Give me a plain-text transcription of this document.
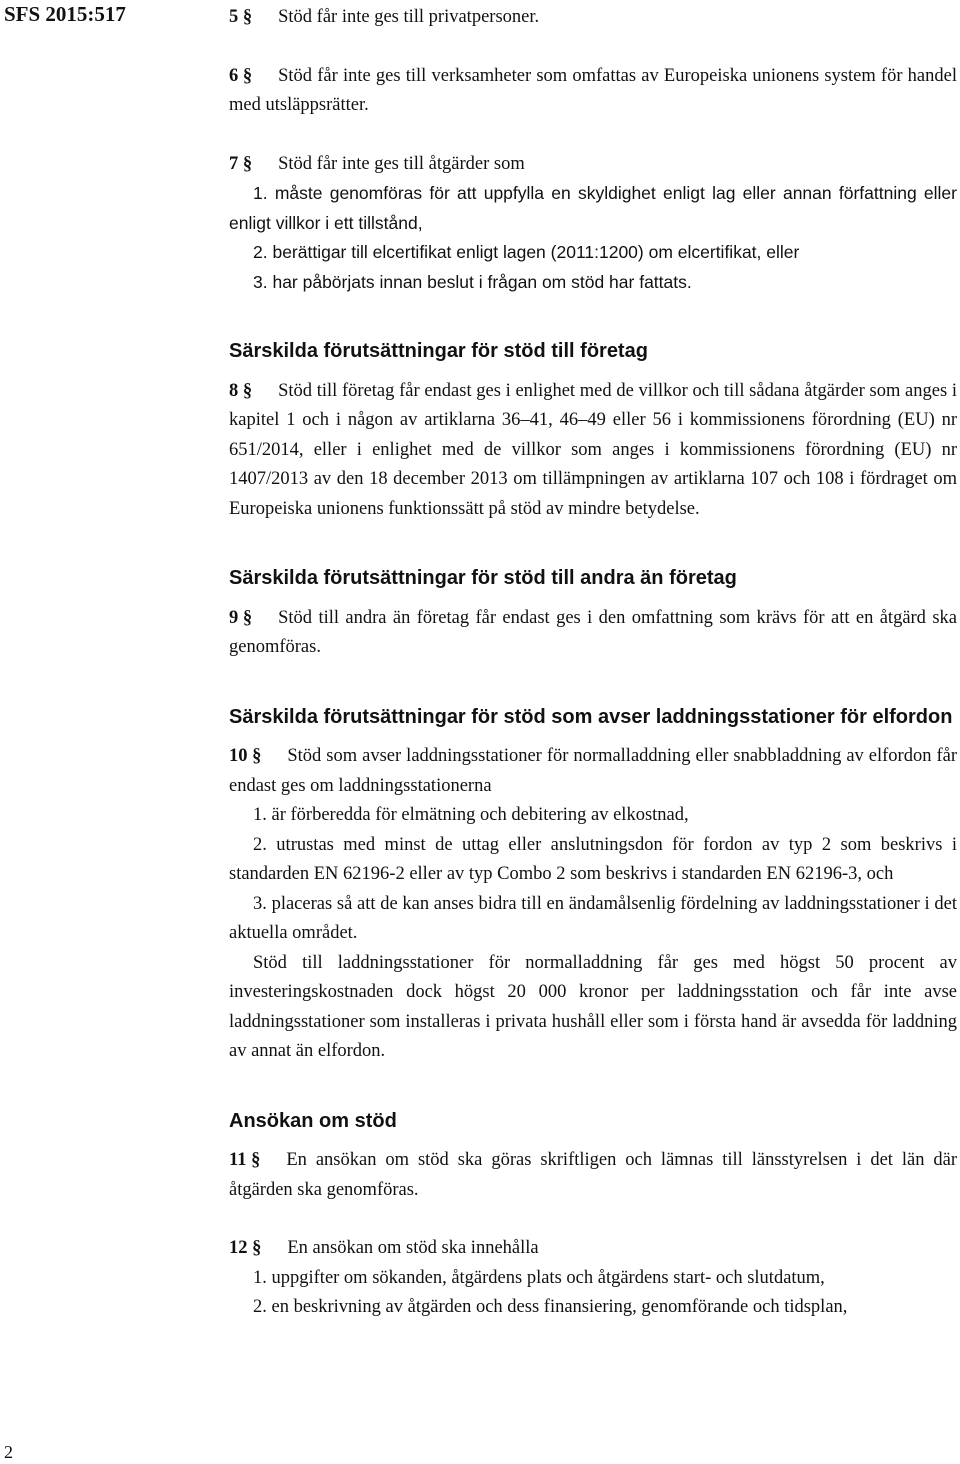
SFS 2015:517	5 § Stöd får inte ges till privatpersoner.

6 § Stöd får inte ges till verksamheter som omfattas av Europeiska unionens system för handel med utsläppsrätter.

7 § Stöd får inte ges till åtgärder som

1. måste genomföras för att uppfylla en skyldighet enligt lag eller annan författning eller enligt villkor i ett tillstånd,

2. berättigar till elcertifikat enligt lagen (2011:1200) om elcertifikat, eller

3. har påbörjats innan beslut i frågan om stöd har fattats.

Särskilda förutsättningar för stöd till företag

8 § Stöd till företag får endast ges i enlighet med de villkor och till sådana åtgärder som anges i kapitel 1 och i någon av artiklarna 36–41, 46–49 eller 56 i kommissionens förordning (EU) nr 651/2014, eller i enlighet med de villkor som anges i kommissionens förordning (EU) nr 1407/2013 av den 18 december 2013 om tillämpningen av artiklarna 107 och 108 i fördraget om Europeiska unionens funktionssätt på stöd av mindre betydelse.

Särskilda förutsättningar för stöd till andra än företag

9 § Stöd till andra än företag får endast ges i den omfattning som krävs för att en åtgärd ska genomföras.

Särskilda förutsättningar för stöd som avser laddningsstationer för elfordon

10 § Stöd som avser laddningsstationer för normalladdning eller snabbladdning av elfordon får endast ges om laddningsstationerna

1. är förberedda för elmätning och debitering av elkostnad,

2. utrustas med minst de uttag eller anslutningsdon för fordon av typ 2 som beskrivs i standarden EN 62196-2 eller av typ Combo 2 som beskrivs i standarden EN 62196-3, och

3. placeras så att de kan anses bidra till en ändamålsenlig fördelning av laddningsstationer i det aktuella området.

Stöd till laddningsstationer för normalladdning får ges med högst 50 procent av investeringskostnaden dock högst 20 000 kronor per laddningsstation och får inte avse laddningsstationer som installeras i privata hushåll eller som i första hand är avsedda för laddning av annat än elfordon.

Ansökan om stöd

11 § En ansökan om stöd ska göras skriftligen och lämnas till länsstyrelsen i det län där åtgärden ska genomföras.

12 § En ansökan om stöd ska innehålla

1. uppgifter om sökanden, åtgärdens plats och åtgärdens start- och slutdatum,

2. en beskrivning av åtgärden och dess finansiering, genomförande och tidsplan,

2
